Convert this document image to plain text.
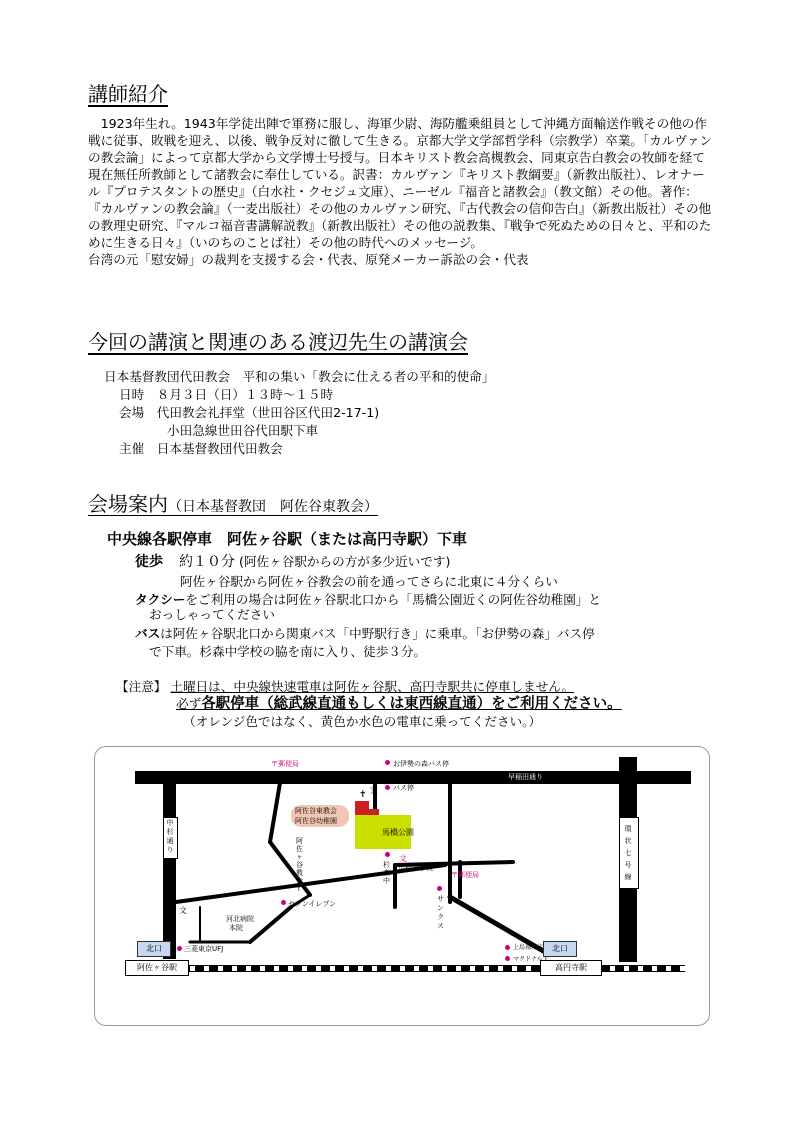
講師紹介

1923年生れ。1943年学徒出陣で軍務に服し、海軍少尉、海防艦乗組員として沖縄方面輸送作戦その他の作戦に従事、敗戦を迎え、以後、戦争反対に徹して生きる。京都大学文学部哲学科（宗教学）卒業。「カルヴァンの教会論」によって京都大学から文学博士号授与。日本キリスト教会高槻教会、同東京告白教会の牧師を経て現在無任所教師として諸教会に奉仕している。訳書：カルヴァン『キリスト教綱要』（新教出版社）、レオナール『プロテスタントの歴史』（白水社・クセジュ文庫）、ニーゼル『福音と諸教会』（教文館）その他。著作：『カルヴァンの教会論』（一麦出版社）その他のカルヴァン研究、『古代教会の信仰告白』（新教出版社）その他の教理史研究、『マルコ福音書講解説教』（新教出版社）その他の説教集、『戦争で死ぬための日々と、平和のために生きる日々』（いのちのことば社）その他の時代へのメッセージ。

台湾の元「慰安婦」の裁判を支援する会・代表、原発メーカー訴訟の会・代表

今回の講演と関連のある渡辺先生の講演会
日本基督教団代田教会　平和の集い「教会に仕える者の平和的使命」
日時　８月３日（日）１３時～１５時
会場　代田教会礼拝堂（世田谷区代田2-17-1)
小田急線世田谷代田駅下車
主催　日本基督教団代田教会
会場案内（日本基督教団　阿佐谷東教会）
中央線各駅停車　阿佐ヶ谷駅（または高円寺駅）下車
徒歩 約１０分 (阿佐ヶ谷駅からの方が多少近いです)
阿佐ヶ谷駅から阿佐ヶ谷教会の前を通ってさらに北東に４分くらい
タクシーをご利用の場合は阿佐ヶ谷駅北口から「馬橋公園近くの阿佐谷幼稚園」と
おっしゃってください
バスは阿佐ヶ谷駅北口から関東バス「中野駅行き」に乗車。「お伊勢の森」バス停
で下車。杉森中学校の脇を南に入り、徒歩３分。
【注意】 土曜日は、中央線快速電車は阿佐ヶ谷駅、高円寺駅共に停車しません。
必ず各駅停車（総武線直通もしくは東西線直通）をご利用ください。
（オレンジ色ではなく、黄色か水色の電車に乗ってください。）
阿佐谷東教会
阿佐谷幼稚園
✝
馬橋公園
お伊勢の森バス停
〒郵便局
早稲田通り
バス停
文
中杉通り
環状七号線
阿佐ヶ谷教会↑
杉森中
文
馬橋小学校
〒郵便局
サンクス
文
セブンイレブン
河北病院
本院
三菱東京UFJ
北口
阿佐ヶ谷駅
北口
高円寺駅
上島珈琲店
マクドナルド
